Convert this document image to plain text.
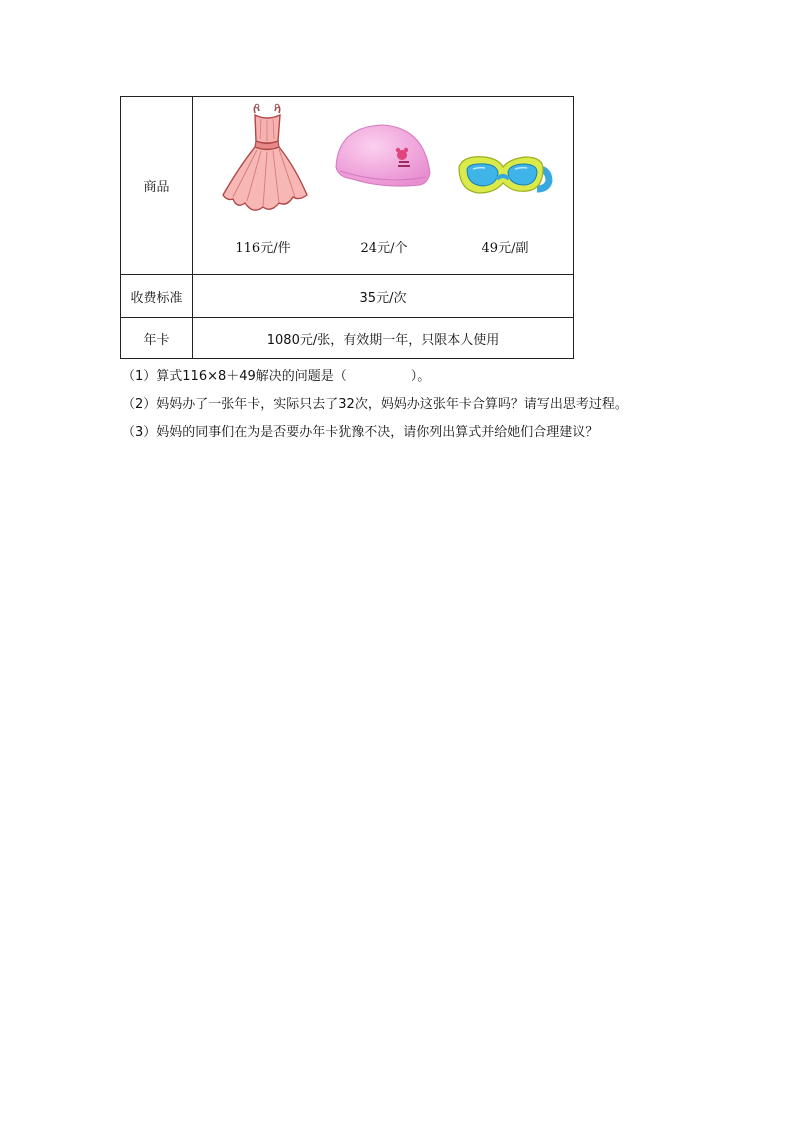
商品	116元/件 24元/个 49元/副

收费标准	35元/次
年卡	1080元/张，有效期一年，只限本人使用
（1）算式116×8＋49解决的问题是（	）。
（2）妈妈办了一张年卡，实际只去了32次，妈妈办这张年卡合算吗？请写出思考过程。
（3）妈妈的同事们在为是否要办年卡犹豫不决，请你列出算式并给她们合理建议？
